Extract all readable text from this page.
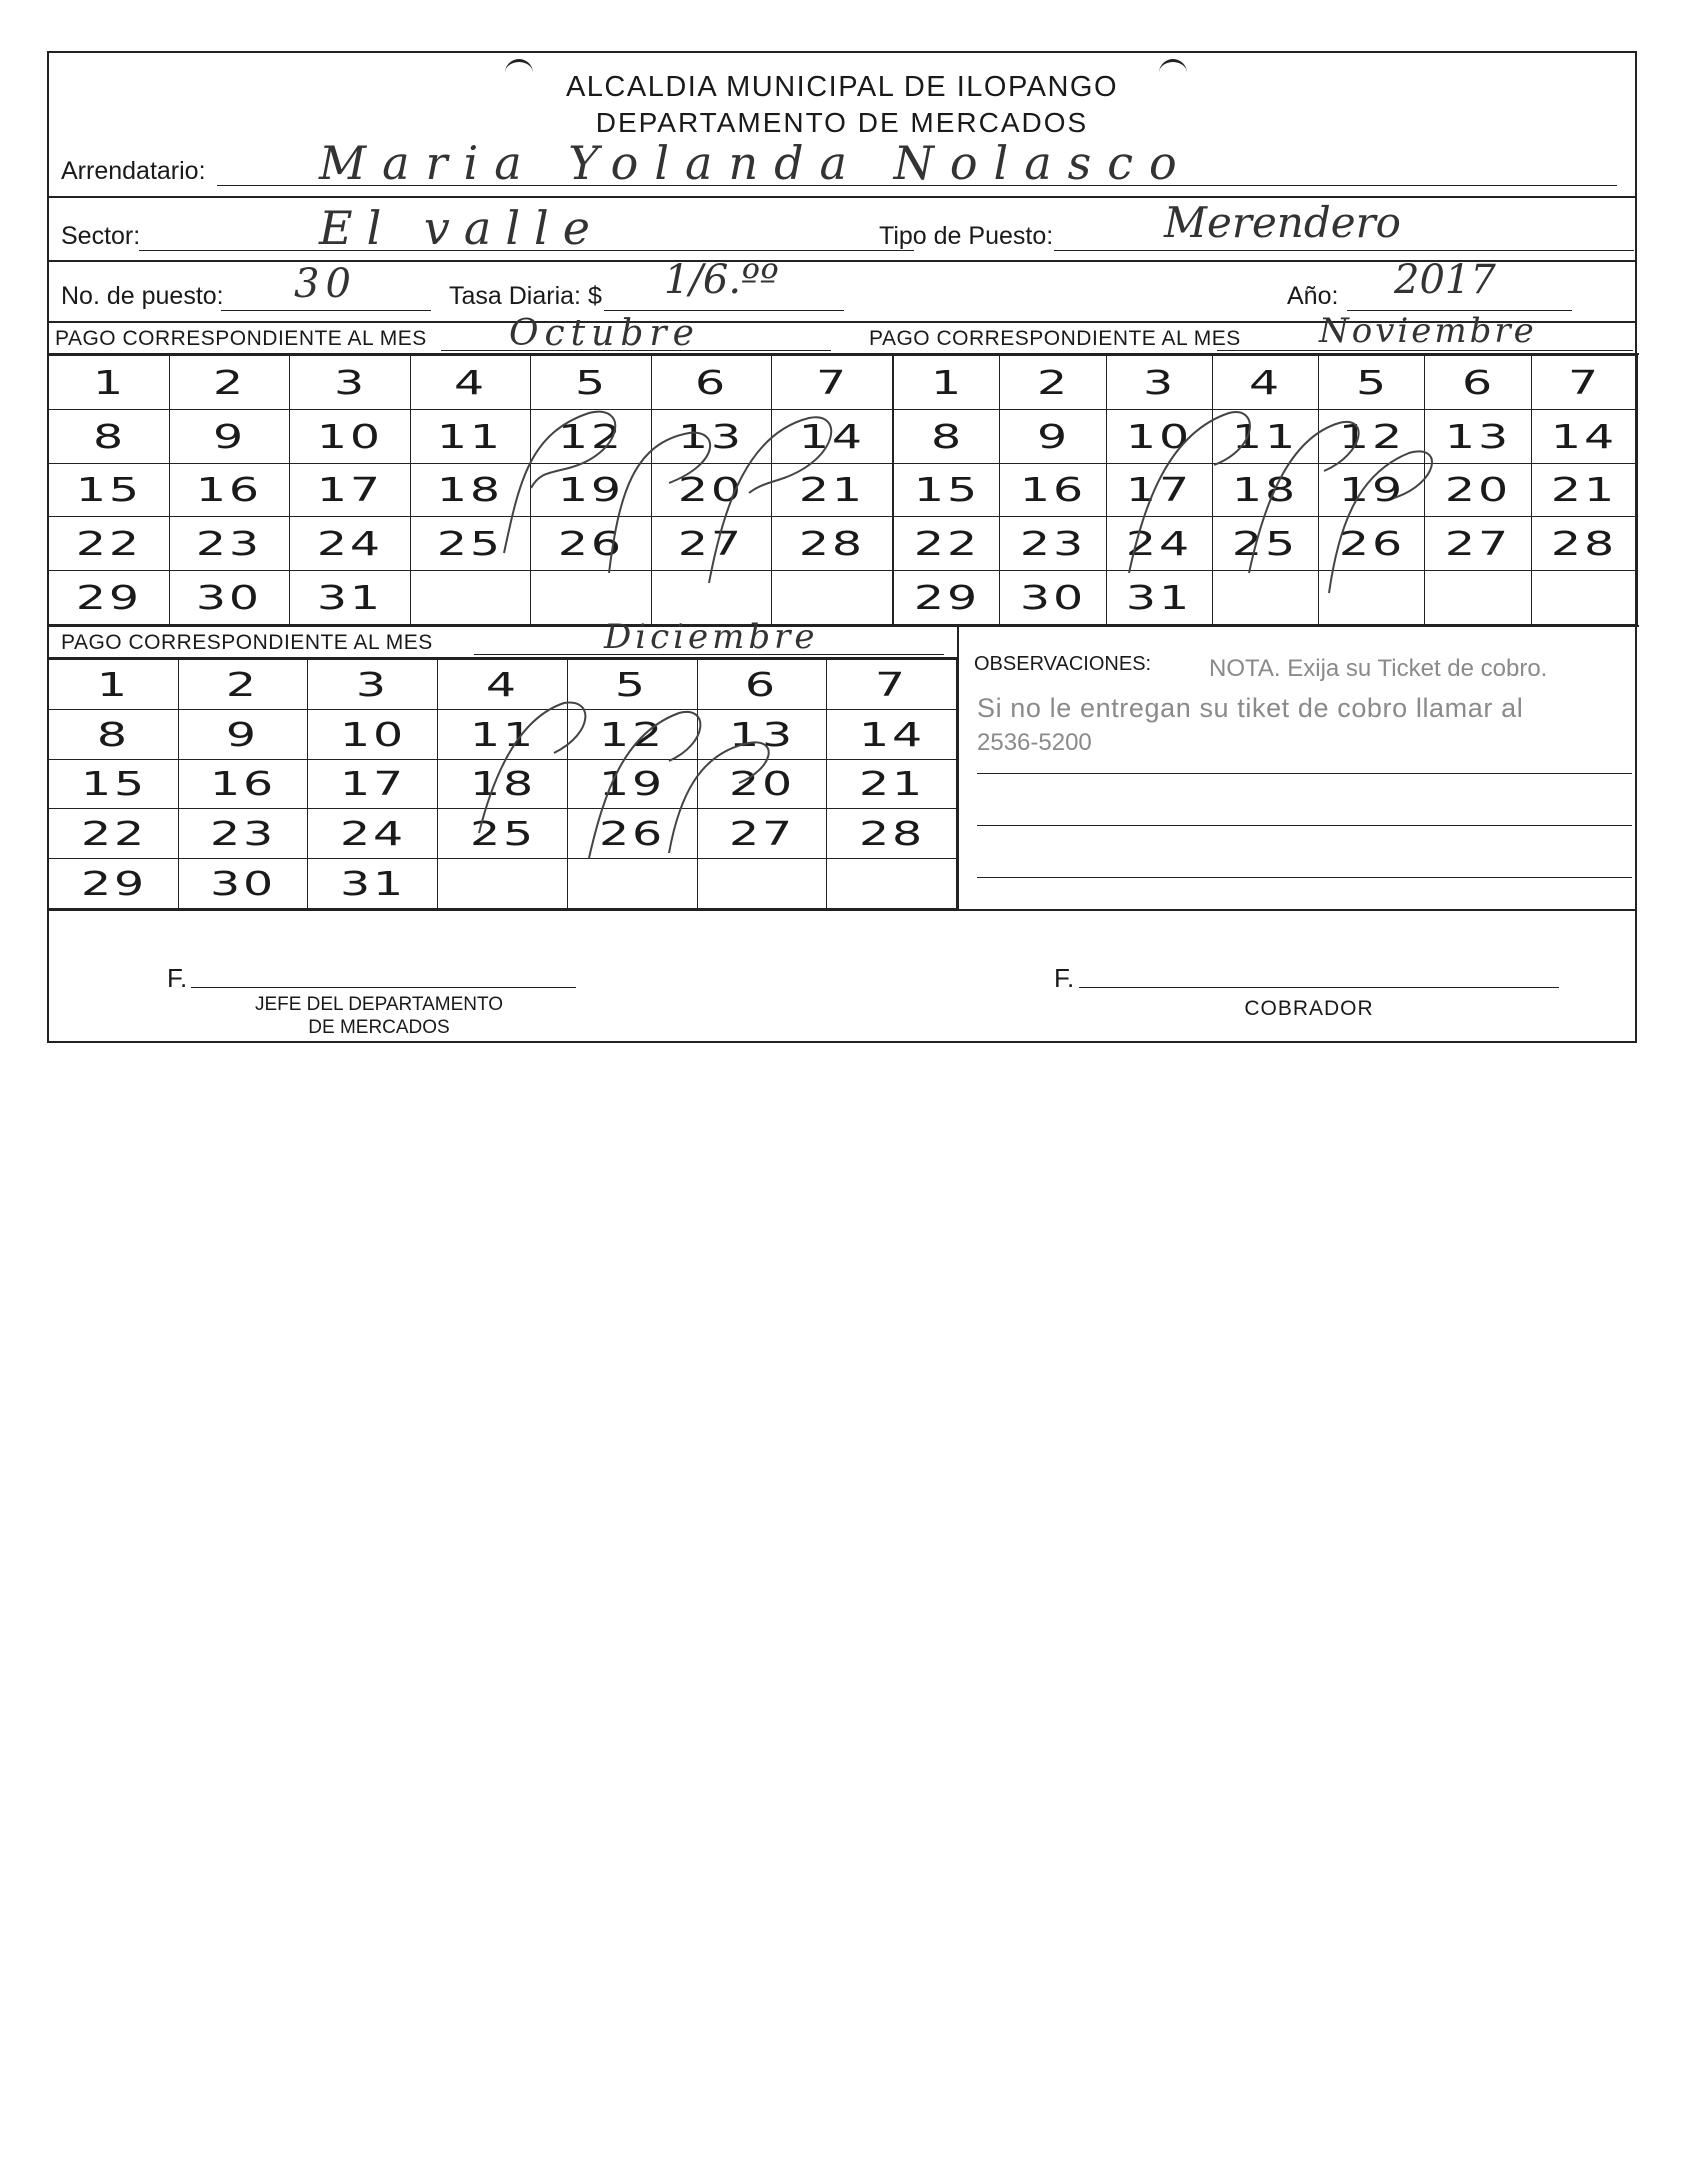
ALCALDIA MUNICIPAL DE ILOPANGO
DEPARTAMENTO DE MERCADOS
Arrendatario: Maria Yolanda Nolasco
Sector:	El valle	Tipo de Puesto:	Merendero
No. de puesto: 30	Tasa Diaria: $ 1/6.ºº	Año: 2017
PAGO CORRESPONDIENTE AL MES Octubre	PAGO CORRESPONDIENTE AL MES Noviembre
1	2	3	4	5	6	7
8	9	10	11	12	13	14
15	16	17	18	19	20	21
22	23	24	25	26	27	28
29	30	31				
1	2	3	4	5	6	7
8	9	10	11	12	13	14
15	16	17	18	19	20	21
22	23	24	25	26	27	28
29	30	31				
PAGO CORRESPONDIENTE AL MES	Diciembre
1	2	3	4	5	6	7
8	9	10	11	12	13	14
15	16	17	18	19	20	21
22	23	24	25	26	27	28
29	30	31				
OBSERVACIONES: NOTA. Exija su Ticket de cobro.
Si no le entregan su tiket de cobro llamar al
2536-5200
F.
JEFE DEL DEPARTAMENTO
DE MERCADOS
F.
COBRADOR
